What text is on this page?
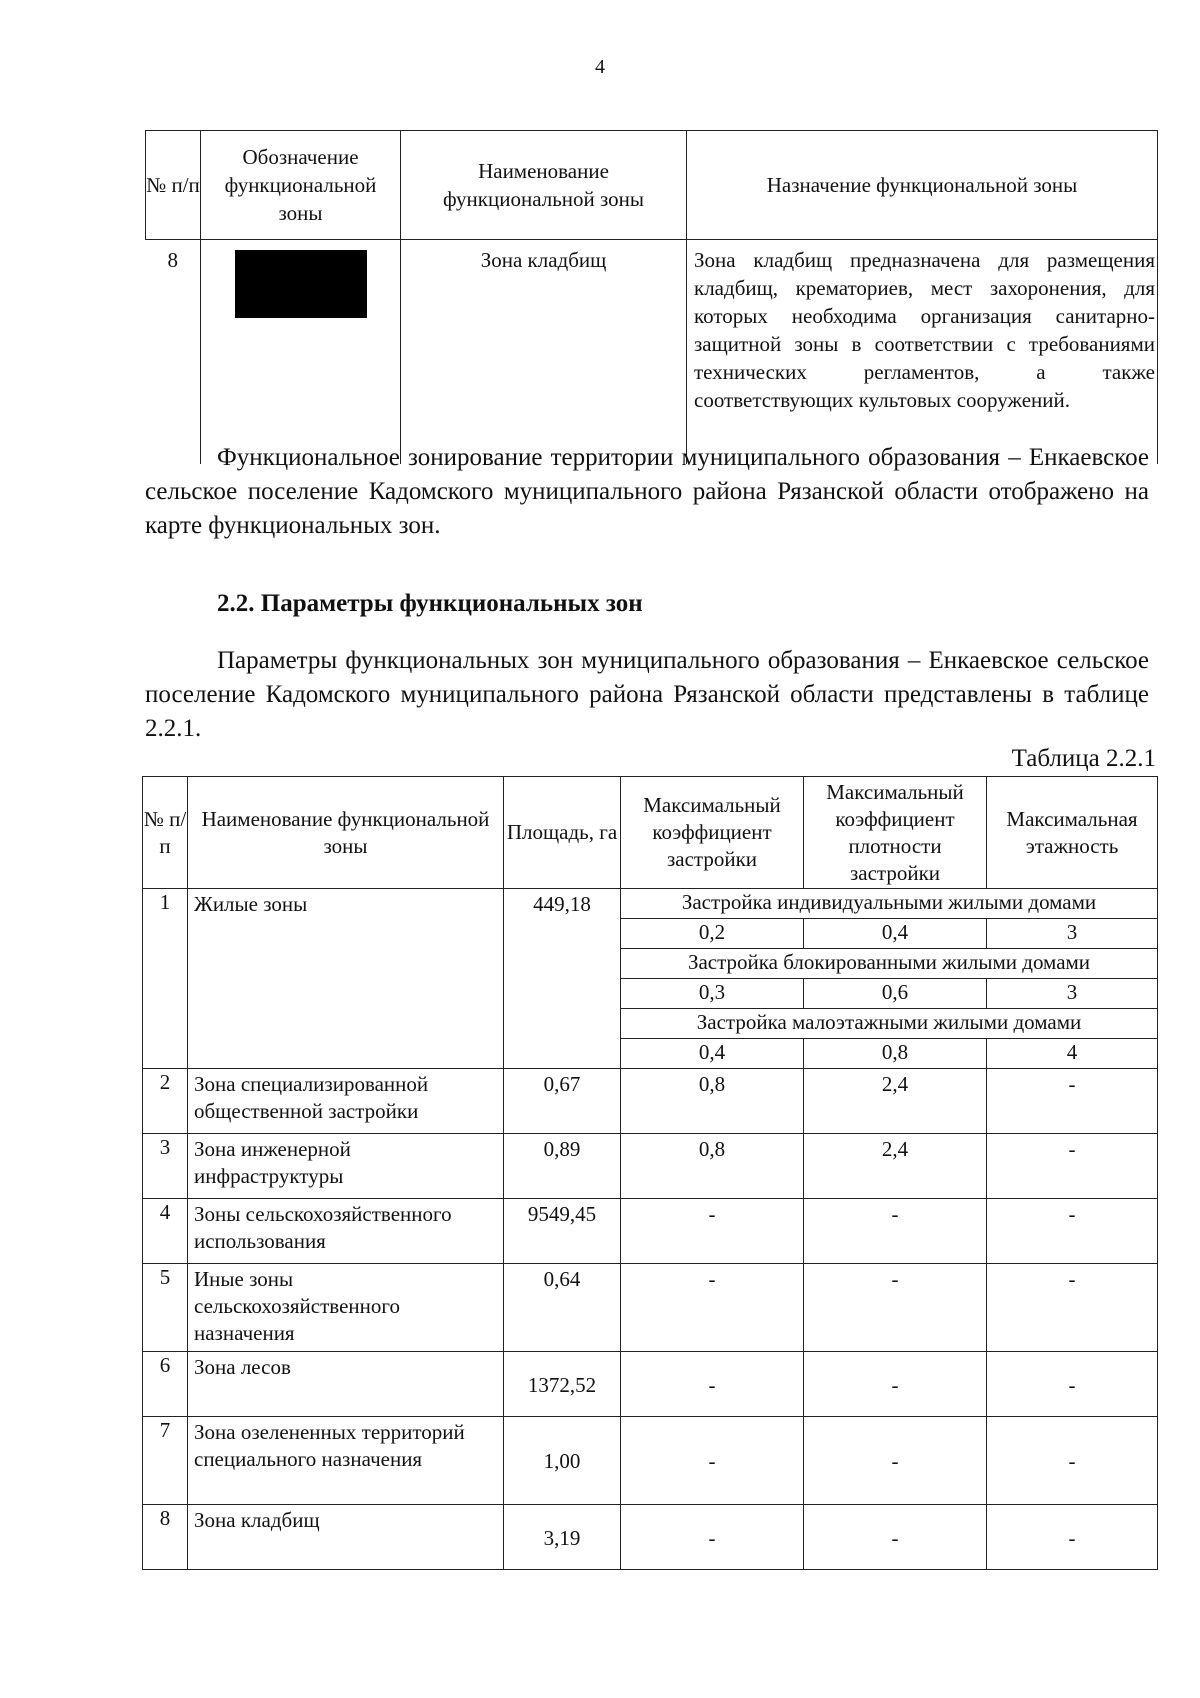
4
№ п/п	Обозначение функциональной зоны	Наименование функциональной зоны	Назначение функциональной зоны
8		Зона кладбищ	Зона кладбищ предназначена для размещения кладбищ, крематориев, мест захоронения, для которых необходима организация санитарно-защитной зоны в соответствии с требованиями технических регламентов, а также соответствующих культовых сооружений.

Функциональное зонирование территории муниципального образования – Енкаевское сельское поселение Кадомского муниципального района Рязанской области отображено на карте функциональных зон.

2.2. Параметры функциональных зон

Параметры функциональных зон муниципального образования – Енкаевское сельское поселение Кадомского муниципального района Рязанской области представлены в таблице 2.2.1.

Таблица 2.2.1
№ п/п	Наименование функциональной зоны	Площадь, га	Максимальный коэффициент застройки	Максимальный коэффициент плотности застройки	Максимальная этажность
1	Жилые зоны	449,18	Застройка индивидуальными жилыми домами		
			0,2	0,4	3
			Застройка блокированными жилыми домами		
			0,3	0,6	3
			Застройка малоэтажными жилыми домами		
			0,4	0,8	4
2	Зона специализированной общественной застройки	0,67	0,8	2,4	-
3	Зона инженерной инфраструктуры	0,89	0,8	2,4	-
4	Зоны сельскохозяйственного использования	9549,45	-	-	-
5	Иные зоны сельскохозяйственного назначения	0,64	-	-	-
6	Зона лесов	1372,52	-	-	-
7	Зона озелененных территорий специального назначения	1,00	-	-	-
8	Зона кладбищ	3,19	-	-	-
